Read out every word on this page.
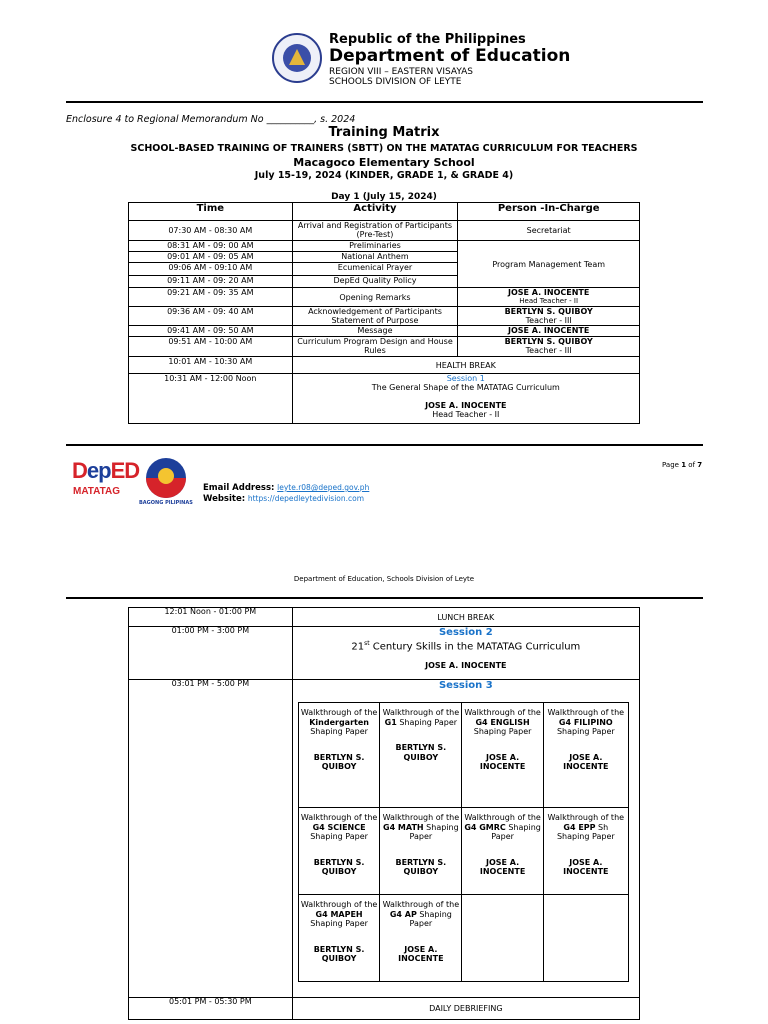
Republic of the Philippines
Department of Education
REGION VIII – EASTERN VISAYAS
SCHOOLS DIVISION OF LEYTE
Enclosure 4 to Regional Memorandum No __________, s. 2024
Training Matrix
SCHOOL-BASED TRAINING OF TRAINERS (SBTT) ON THE MATATAG CURRICULUM FOR TEACHERS
Macagoco Elementary School
July 15-19, 2024 (KINDER, GRADE 1, & GRADE 4)
Day 1 (July 15, 2024)
Time	Activity	Person -In-Charge
07:30 AM - 08:30 AM	Arrival and Registration of Participants (Pre-Test)	Secretariat
08:31 AM - 09: 00 AM	Preliminaries	Program Management Team
09:01 AM - 09: 05 AM	National Anthem	
09:06 AM - 09:10 AM	Ecumenical Prayer	
09:11 AM - 09: 20 AM	DepEd Quality Policy	
09:21 AM - 09: 35 AM	Opening Remarks	JOSE A. INOCENTE
Head Teacher - II

09:36 AM - 09: 40 AM	Acknowledgement of Participants Statement of Purpose	BERTLYN S. QUIBOY
Teacher - III

09:41 AM - 09: 50 AM	Message	JOSE A. INOCENTE
09:51 AM - 10:00 AM	Curriculum Program Design and House Rules	BERTLYN S. QUIBOY
Teacher - III

10:01 AM - 10:30 AM	HEALTH BREAK	
10:31 AM - 12:00 Noon	Session 1
The General Shape of the MATATAG Curriculum
JOSE A. INOCENTE
Head Teacher - II	
DepED
MATATAG
BAGONG PILIPINAS
Email Address: leyte.r08@deped.gov.ph
Website: https://depedleytedivision.com
Page 1 of 7
Department of Education, Schools Division of Leyte
12:01 Noon - 01:00 PM	LUNCH BREAK
01:00 PM - 3:00 PM	Session 2
21st Century Skills in the MATATAG Curriculum
JOSE A. INOCENTE

03:01 PM - 5:00 PM	Session 3
Walkthrough of the Kindergarten Shaping Paper
BERTLYN S. QUIBOY
	Walkthrough of the G1 Shaping Paper
BERTLYN S. QUIBOY
	Walkthrough of the G4 ENGLISH Shaping Paper
JOSE A. INOCENTE
	Walkthrough of the G4 FILIPINO Shaping Paper
JOSE A. INOCENTE

Walkthrough of the G4 SCIENCE Shaping Paper
BERTLYN S. QUIBOY
	Walkthrough of the G4 MATH Shaping Paper
BERTLYN S. QUIBOY
	Walkthrough of the G4 GMRC Shaping Paper
JOSE A. INOCENTE
	Walkthrough of the G4 EPP Sh Shaping Paper
JOSE A. INOCENTE

Walkthrough of the G4 MAPEH Shaping Paper
BERTLYN S. QUIBOY
	Walkthrough of the G4 AP Shaping Paper
JOSE A. INOCENTE

05:01 PM - 05:30 PM	DAILY DEBRIEFING
